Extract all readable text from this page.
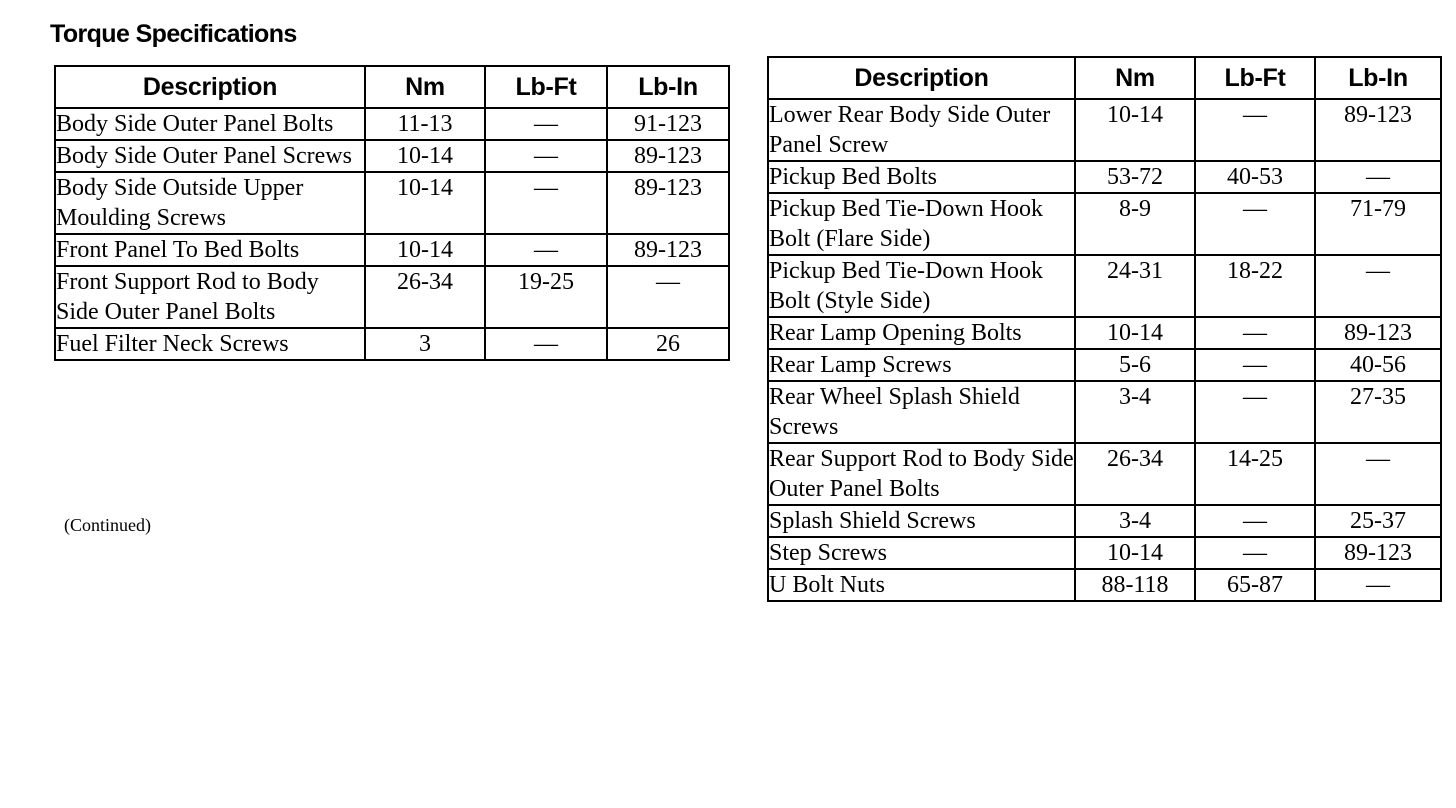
Torque Specifications
Description	Nm	Lb-Ft	Lb-In
Body Side Outer Panel Bolts	11-13	—	91-123
Body Side Outer Panel Screws	10-14	—	89-123
Body Side Outside Upper Moulding Screws	10-14	—	89-123
Front Panel To Bed Bolts	10-14	—	89-123
Front Support Rod to Body Side Outer Panel Bolts	26-34	19-25	—
Fuel Filter Neck Screws	3	—	26
(Continued)
Description	Nm	Lb-Ft	Lb-In
Lower Rear Body Side Outer Panel Screw	10-14	—	89-123
Pickup Bed Bolts	53-72	40-53	—
Pickup Bed Tie-Down Hook Bolt (Flare Side)	8-9	—	71-79
Pickup Bed Tie-Down Hook Bolt (Style Side)	24-31	18-22	—
Rear Lamp Opening Bolts	10-14	—	89-123
Rear Lamp Screws	5-6	—	40-56
Rear Wheel Splash Shield Screws	3-4	—	27-35
Rear Support Rod to Body Side Outer Panel Bolts	26-34	14-25	—
Splash Shield Screws	3-4	—	25-37
Step Screws	10-14	—	89-123
U Bolt Nuts	88-118	65-87	—
